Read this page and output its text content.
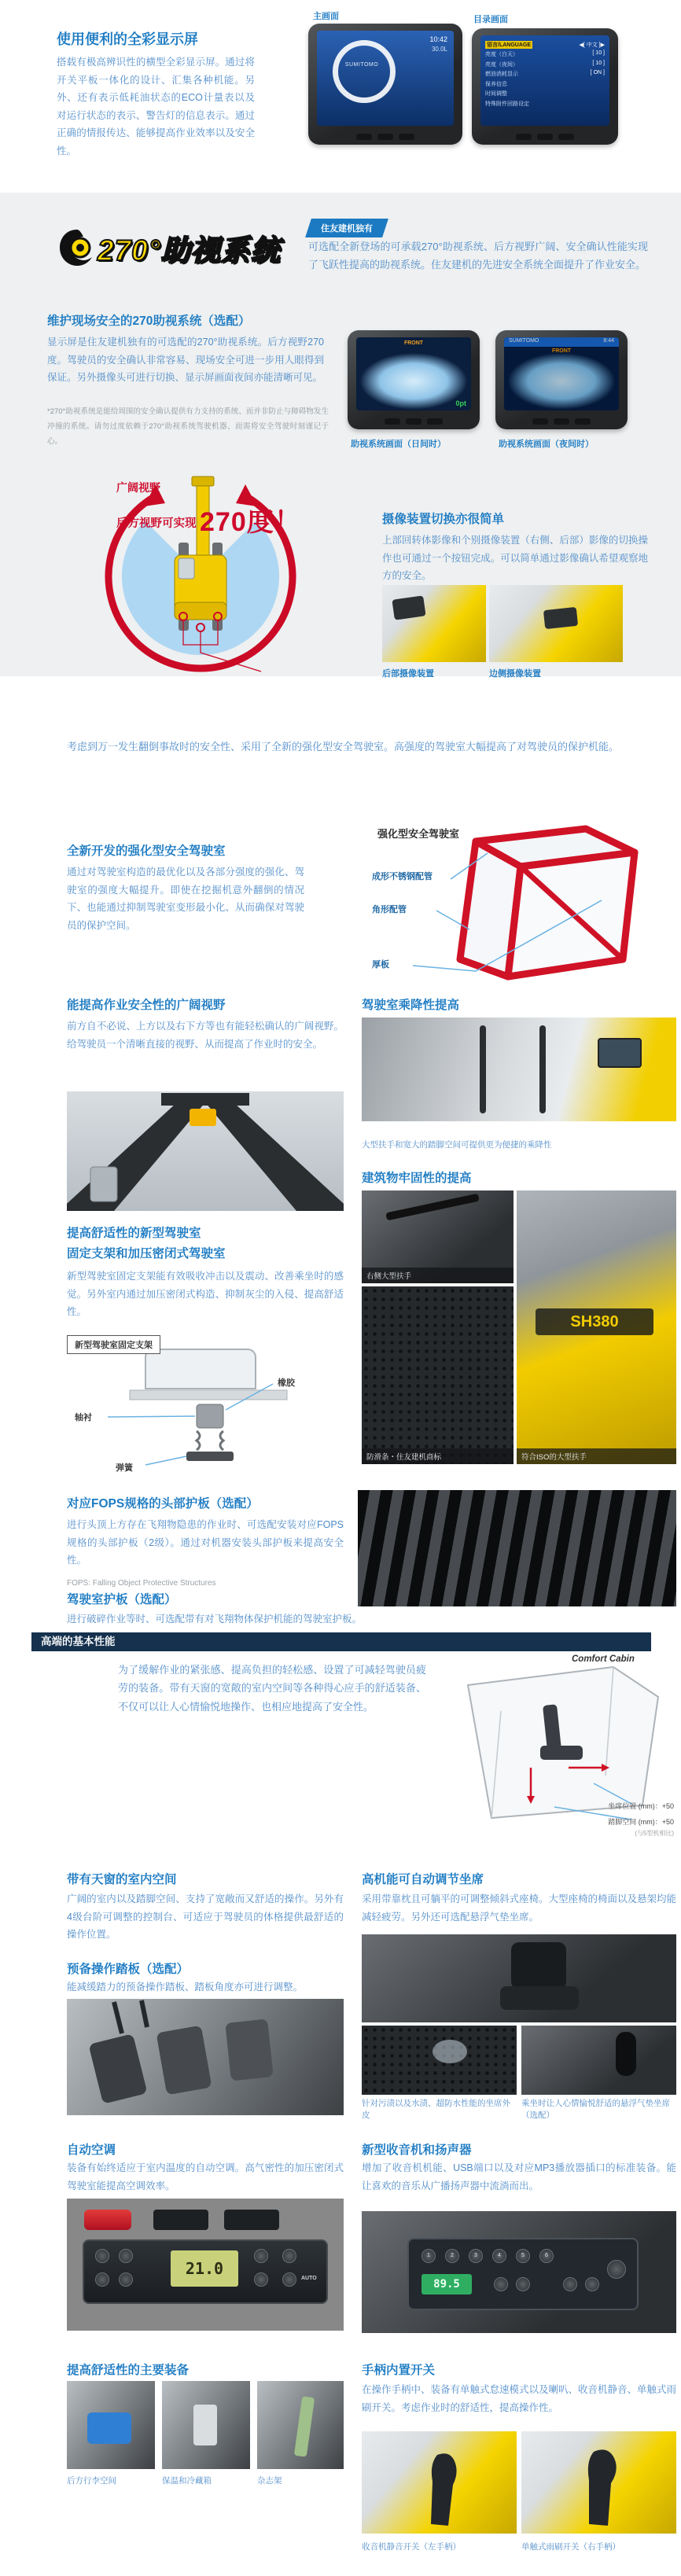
使用便利的全彩显示屏

搭载有极高辨识性的横型全彩显示屏。通过将开关平板一体化的设计、汇集各种机能。另外、还有表示低耗油状态的ECO计量表以及对运行状态的表示、警告灯的信息表示。通过正确的情报传达、能够提高作业效率以及安全性。

主画面	目录画面
SUMITOMO
10:42
30.0L
语言/LANGUAGE	◀[ 中文 ]▶
亮度（白天）	[ 10 ]
亮度（夜间）	[ 10 ]
燃油消耗显示	[ ON ]
保养信息
时间调整
特殊附件回路设定
270°助视系统
住友建机独有

可选配全新登场的可承载270°助视系统、后方视野广阔、安全确认性能实现了飞跃性提高的助视系统。住友建机的先进安全系统全面提升了作业安全。

维护现场安全的270助视系统（选配）

显示屏是住友建机独有的可选配的270°助视系统。后方视野270度。驾驶员的安全确认非常容易、现场安全可进一步用人眼得到保证。另外摄像头可进行切换、显示屏画面夜间亦能清晰可见。

*270°助视系统是能给周围的安全确认提供有力支持的系统、而并非防止与障碍物发生冲撞的系统。请勿过度依赖于270°助视系统驾驶机器、而需将安全驾驶时刻谨记于心。

FRONT
0pt
SUMITOMO	8:44
FRONT
助视系统画面（日间时）	助视系统画面（夜间时）
广阔视野
后方视野可实现 270度！	摄像装置切换亦很简单

上部回转体影像和个别摄像装置（右侧、后部）影像的切换操作也可通过一个按钮完成。可以简单通过影像确认希望观察地方的安全。

后部摄像装置	边侧摄像装置

考虑到万一发生翻倒事故时的安全性、采用了全新的强化型安全驾驶室。高强度的驾驶室大幅提高了对驾驶员的保护机能。

全新开发的强化型安全驾驶室

通过对驾驶室构造的最优化以及各部分强度的强化、驾驶室的强度大幅提升。即使在挖掘机意外翻倒的情况下、也能通过抑制驾驶室变形最小化、从而确保对驾驶员的保护空间。

强化型安全驾驶室
成形不锈钢配管
角形配管
厚板
能提高作业安全性的广阔视野

前方自不必说、上方以及右下方等也有能轻松确认的广阔视野。给驾驶员一个清晰直接的视野、从而提高了作业时的安全。

驾驶室乘降性提高

大型扶手和宽大的踏脚空间可提供更为便捷的乘降性

提高舒适性的新型驾驶室
固定支架和加压密闭式驾驶室

新型驾驶室固定支架能有效吸收冲击以及震动、改善乘坐时的感觉。另外室内通过加压密闭式构造、抑制灰尘的入侵、提高舒适性。

建筑物牢固性的提高
右侧大型扶手
防滑条・住友建机商标
SH380
符合ISO的大型扶手
新型驾驶室固定支架
橡胶
轴衬
弹簧
对应FOPS规格的头部护板（选配）

进行头顶上方存在飞翔物隐患的作业时、可选配安装对应FOPS规格的头部护板（2级）。通过对机器安装头部护板来提高安全性。

FOPS: Falling Object Protective Structures

驾驶室护板（选配）

进行破碎作业等时、可选配带有对飞翔物体保护机能的驾驶室护板。

高端的基本性能

为了缓解作业的紧张感、提高负担的轻松感、设置了可减轻驾驶员疲劳的装备。带有天窗的宽敞的室内空间等各种得心应手的舒适装备、不仅可以让人心情愉悦地操作、也相应地提高了安全性。

Comfort Cabin
坐席位置 (mm)：+50
踏脚空间 (mm)：+50
(与5型机相比)
带有天窗的室内空间

广阔的室内以及踏脚空间、支持了宽敞而又舒适的操作。另外有4级台阶可调整的控制台、可适应于驾驶员的体格提供最舒适的操作位置。

预备操作踏板（选配）

能减缓踏力的预备操作踏板、踏板角度亦可进行调整。

自动空调

装备有始终适应于室内温度的自动空调。高气密性的加压密闭式驾驶室能提高空调效率。

21.0
AUTO
提高舒适性的主要装备
后方行李空间	保温和冷藏箱	杂志架
高机能可自动调节坐席

采用带靠枕且可躺平的可调整倾斜式座椅。大型座椅的椅面以及悬架均能减轻疲劳。另外还可选配悬浮气垫坐席。

针对污渍以及水渍、超防水性能的坐席外皮
乘坐时让人心情愉悦舒适的悬浮气垫坐席（选配）
新型收音机和扬声器

增加了收音机机能、USB端口以及对应MP3播放器插口的标准装备。能让喜欢的音乐从广播扬声器中流淌而出。

1	2	3	4	5	6
89.5
手柄内置开关

在操作手柄中、装备有单触式怠速模式以及喇叭、收音机静音、单触式雨刷开关。考虑作业时的舒适性，提高操作性。

收音机静音开关（左手柄）	单触式雨刷开关（右手柄）
